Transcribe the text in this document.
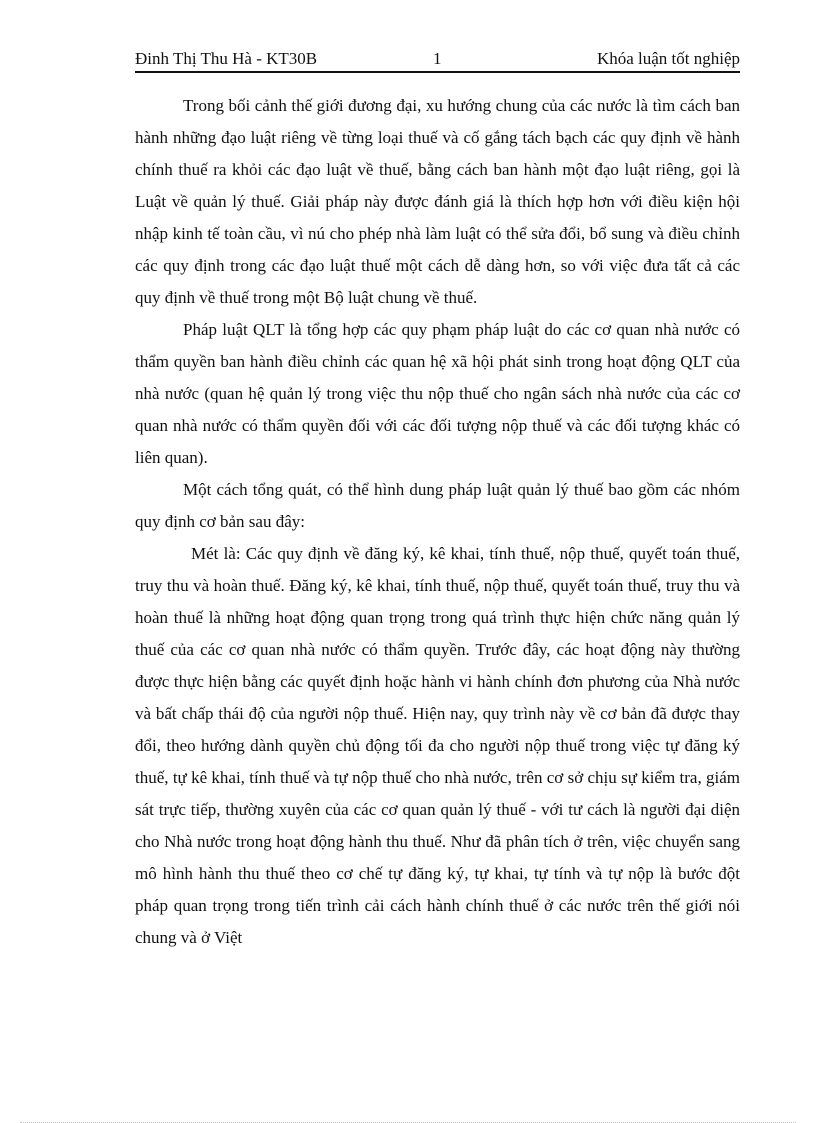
Đinh Thị Thu Hà - KT30B	1	Khóa luận tốt nghiệp

Trong bối cảnh thế giới đương đại, xu hướng chung của các nước là tìm cách ban hành những đạo luật riêng về từng loại thuế và cố gắng tách bạch các quy định về hành chính thuế ra khỏi các đạo luật về thuế, bằng cách ban hành một đạo luật riêng, gọi là Luật về quản lý thuế. Giải pháp này được đánh giá là thích hợp hơn với điều kiện hội nhập kinh tế toàn cầu, vì nú cho phép nhà làm luật có thể sửa đổi, bổ sung và điều chỉnh các quy định trong các đạo luật thuế một cách dễ dàng hơn, so với việc đưa tất cả các quy định về thuế trong một Bộ luật chung về thuế.

Pháp luật QLT là tổng hợp các quy phạm pháp luật do các cơ quan nhà nước có thẩm quyền ban hành điều chỉnh các quan hệ xã hội phát sinh trong hoạt động QLT của nhà nước (quan hệ quản lý trong việc thu nộp thuế cho ngân sách nhà nước của các cơ quan nhà nước có thẩm quyền đối với các đối tượng nộp thuế và các đối tượng khác có liên quan).

Một cách tổng quát, có thể hình dung pháp luật quản lý thuế bao gồm các nhóm quy định cơ bản sau đây:

Mét là: Các quy định về đăng ký, kê khai, tính thuế, nộp thuế, quyết toán thuế, truy thu và hoàn thuế. Đăng ký, kê khai, tính thuế, nộp thuế, quyết toán thuế, truy thu và hoàn thuế là những hoạt động quan trọng trong quá trình thực hiện chức năng quản lý thuế của các cơ quan nhà nước có thẩm quyền. Trước đây, các hoạt động này thường được thực hiện bằng các quyết định hoặc hành vi hành chính đơn phương của Nhà nước và bất chấp thái độ của người nộp thuế. Hiện nay, quy trình này về cơ bản đã được thay đổi, theo hướng dành quyền chủ động tối đa cho người nộp thuế trong việc tự đăng ký thuế, tự kê khai, tính thuế và tự nộp thuế cho nhà nước, trên cơ sở chịu sự kiểm tra, giám sát trực tiếp, thường xuyên của các cơ quan quản lý thuế - với tư cách là người đại diện cho Nhà nước trong hoạt động hành thu thuế. Như đã phân tích ở trên, việc chuyển sang mô hình hành thu thuế theo cơ chế tự đăng ký, tự khai, tự tính và tự nộp là bước đột pháp quan trọng trong tiến trình cải cách hành chính thuế ở các nước trên thế giới nói chung và ở Việt
